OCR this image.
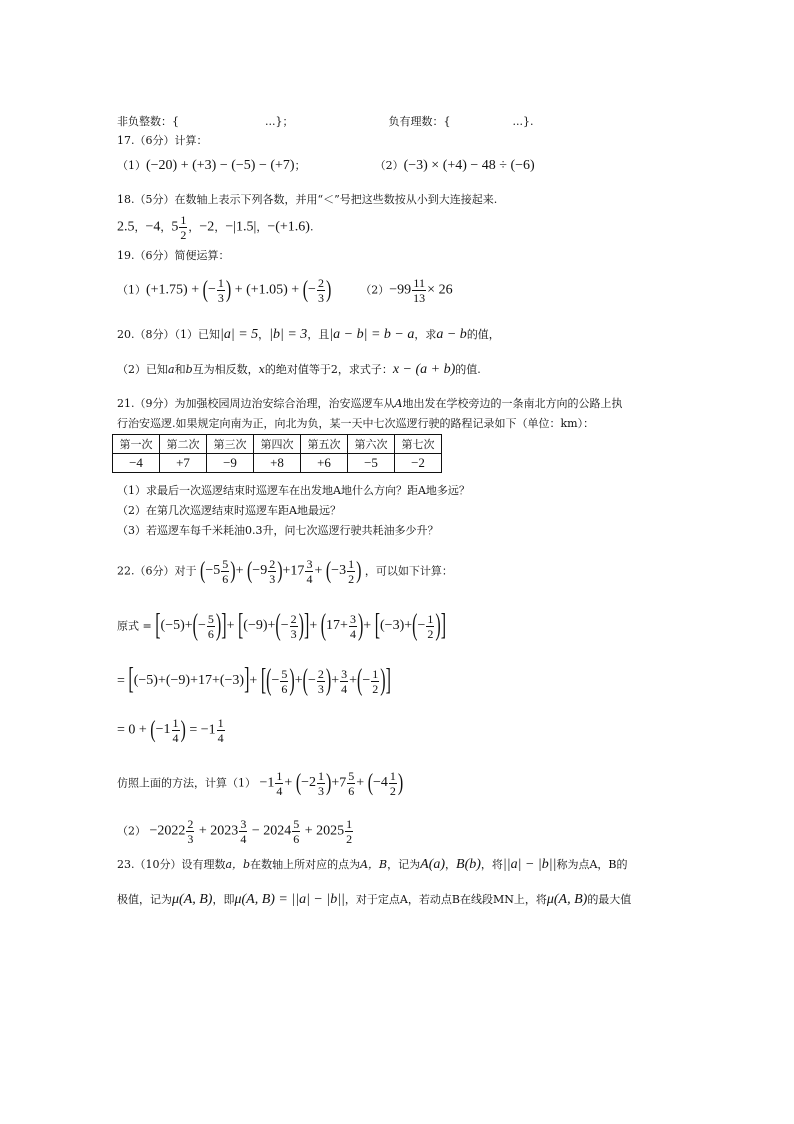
非负整数：{	...}；	负有理数：{	...}.
17.（6分）计算：
（1）(−20) + (+3) − (−5) − (+7)；	（2）(−3) × (+4) − 48 ÷ (−6)
18.（5分）在数轴上表示下列各数，并用“＜”号把这些数按从小到大连接起来.
2.5，−4，$5 \frac{1}{2}$ ，−2，−|1.5|，−(+1.6).
19.（6分）简便运算：
（1）(+1.75) + ( − $\frac{1}{3}$ ) + (+1.05) + ( − $\frac{2}{3}$ )	$(2)-99 \frac{11}{13} \times 26$
20.（8分）（1）已知|a| = 5，|b| = 3，且|a − b| = b − a，求a − b的值，
（2）已知a和b互为相反数，x的绝对值等于2，求式子：x − (a + b)的值.
21.（9分）为加强校园周边治安综合治理，治安巡逻车从A地出发在学校旁边的一条南北方向的公路上执
行治安巡逻.如果规定向南为正，向北为负，某一天中七次巡逻行驶的路程记录如下（单位：km）：
第一次	第二次	第三次	第四次	第五次	第六次	第七次
−4	+7	−9	+8	+6	−5	−2
（1）求最后一次巡逻结束时巡逻车在出发地A地什么方向？距A地多远？
（2）在第几次巡逻结束时巡逻车距A地最远？
（3）若巡逻车每千米耗油0.3升，问七次巡逻行驶共耗油多少升？
22.（6分）对于 ( −5 5
6 ) + ( −9 2
3 ) $+17 \frac{3}{4}$ + ( −3 1
2 ) ，可以如下计算：
原式 = [ (−5)+ ( − $\frac{5}{6}$ ) ] + [ (−9)+ ( − $\frac{2}{3}$ ) ] + ( $17+ \frac{3}{4}$ ) + [ (−3)+ ( − $\frac{1}{2}$ ) ]
= [ (−5)+(−9)+17+(−3) ] + [ ( − $\frac{5}{6}$ ) + ( − $\frac{2}{3}$ ) + $\frac{3}{4}$ + ( − $\frac{1}{2}$ ) ]
= 0 + ( −1 1
4 ) = $-1 \frac{1}{4}$
仿照上面的方法，计算$(1) -1 \frac{1}{4}$ + ( −2 1
3 ) $+7 \frac{5}{6}$ + ( −4 1
2 )
$(2) -2022 \frac{2}{3} + 2023 \frac{3}{4} - 2024 \frac{5}{6} + 2025 \frac{1}{2}$
23.（10分）设有理数a，b在数轴上所对应的点为A，B，记为A(a)，B(b)，将||a| − |b||称为点A，B的
极值，记为μ(A, B)，即μ(A, B) = ||a| − |b||，对于定点A，若动点B在线段MN上，将μ(A, B)的最大值
